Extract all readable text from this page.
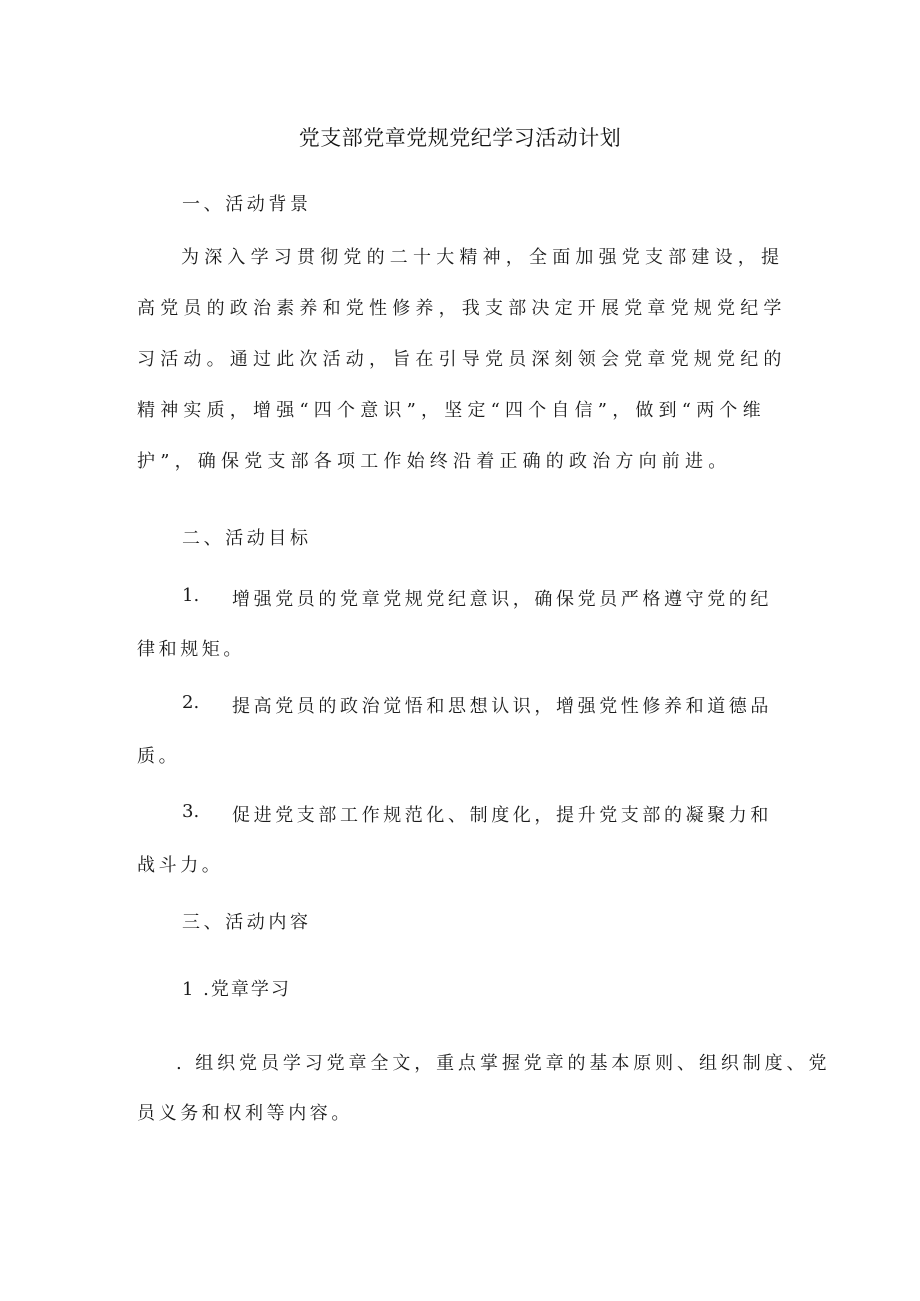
党支部党章党规党纪学习活动计划
一、活动背景

为深入学习贯彻党的二十大精神，全面加强党支部建设，提高党员的政治素养和党性修养，我支部决定开展党章党规党纪学习活动。通过此次活动，旨在引导党员深刻领会党章党规党纪的精神实质，增强“四个意识”，坚定“四个自信”，做到“两个维护”，确保党支部各项工作始终沿着正确的政治方向前进。

二、活动目标
1. 增强党员的党章党规党纪意识，确保党员严格遵守党的纪
律和规矩。
2. 提高党员的政治觉悟和思想认识，增强党性修养和道德品
质。
3. 促进党支部工作规范化、制度化，提升党支部的凝聚力和
战斗力。
三、活动内容
1 .党章学习
. 组织党员学习党章全文，重点掌握党章的基本原则、组织制度、党
员义务和权利等内容。
